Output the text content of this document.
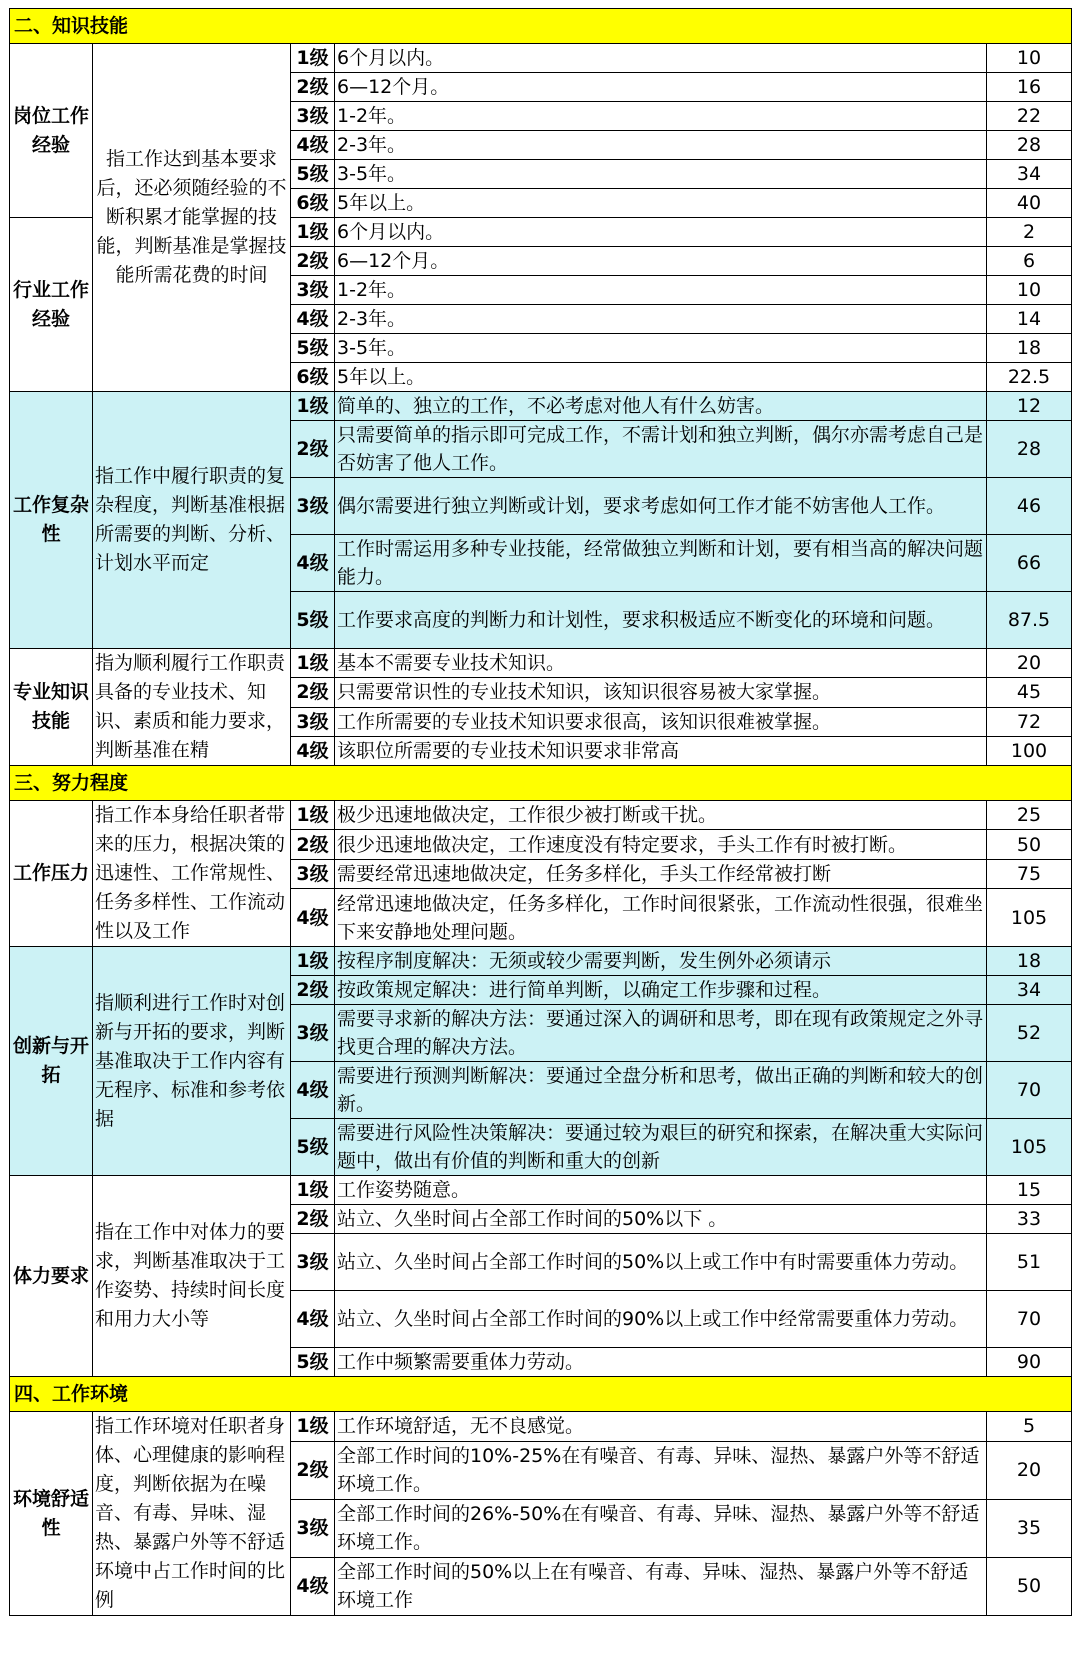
二、知识技能				
岗位工作经验	指工作达到基本要求后，还必须随经验的不断积累才能掌握的技能，判断基准是掌握技能所需花费的时间	1级	6个月以内。	10
		2级	6—12个月。	16
		3级	1-2年。	22
		4级	2-3年。	28
		5级	3-5年。	34
		6级	5年以上。	40
行业工作经验		1级	6个月以内。	2
		2级	6—12个月。	6
		3级	1-2年。	10
		4级	2-3年。	14
		5级	3-5年。	18
		6级	5年以上。	22.5
工作复杂性	指工作中履行职责的复杂程度，判断基准根据所需要的判断、分析、计划水平而定	1级	简单的、独立的工作，不必考虑对他人有什么妨害。	12
		2级	只需要简单的指示即可完成工作，不需计划和独立判断，偶尔亦需考虑自己是否妨害了他人工作。	28
		3级	偶尔需要进行独立判断或计划，要求考虑如何工作才能不妨害他人工作。	46
		4级	工作时需运用多种专业技能，经常做独立判断和计划，要有相当高的解决问题能力。	66
		5级	工作要求高度的判断力和计划性，要求积极适应不断变化的环境和问题。	87.5
专业知识技能	指为顺利履行工作职责具备的专业技术、知识、素质和能力要求，判断基准在精	1级	基本不需要专业技术知识。	20
		2级	只需要常识性的专业技术知识，该知识很容易被大家掌握。	45
		3级	工作所需要的专业技术知识要求很高，该知识很难被掌握。	72
		4级	该职位所需要的专业技术知识要求非常高	100
三、努力程度				
工作压力	指工作本身给任职者带来的压力，根据决策的迅速性、工作常规性、任务多样性、工作流动性以及工作	1级	极少迅速地做决定，工作很少被打断或干扰。	25
		2级	很少迅速地做决定，工作速度没有特定要求，手头工作有时被打断。	50
		3级	需要经常迅速地做决定，任务多样化，手头工作经常被打断	75
		4级	经常迅速地做决定，任务多样化，工作时间很紧张，工作流动性很强，很难坐下来安静地处理问题。	105
创新与开拓	指顺利进行工作时对创新与开拓的要求，判断基准取决于工作内容有无程序、标准和参考依据	1级	按程序制度解决：无须或较少需要判断，发生例外必须请示	18
		2级	按政策规定解决：进行简单判断，以确定工作步骤和过程。	34
		3级	需要寻求新的解决方法：要通过深入的调研和思考，即在现有政策规定之外寻找更合理的解决方法。	52
		4级	需要进行预测判断解决：要通过全盘分析和思考，做出正确的判断和较大的创新。	70
		5级	需要进行风险性决策解决：要通过较为艰巨的研究和探索，在解决重大实际问题中，做出有价值的判断和重大的创新	105
体力要求	指在工作中对体力的要求，判断基准取决于工作姿势、持续时间长度和用力大小等	1级	工作姿势随意。	15
		2级	站立、久坐时间占全部工作时间的50%以下 。	33
		3级	站立、久坐时间占全部工作时间的50%以上或工作中有时需要重体力劳动。	51
		4级	站立、久坐时间占全部工作时间的90%以上或工作中经常需要重体力劳动。	70
		5级	工作中频繁需要重体力劳动。	90
四、工作环境				
环境舒适性	指工作环境对任职者身体、心理健康的影响程度，判断依据为在噪音、有毒、异味、湿热、暴露户外等不舒适环境中占工作时间的比例	1级	工作环境舒适，无不良感觉。	5
		2级	全部工作时间的10%-25%在有噪音、有毒、异味、湿热、暴露户外等不舒适环境工作。	20
		3级	全部工作时间的26%-50%在有噪音、有毒、异味、湿热、暴露户外等不舒适环境工作。	35
		4级	全部工作时间的50%以上在有噪音、有毒、异味、湿热、暴露户外等不舒适环境工作	50
